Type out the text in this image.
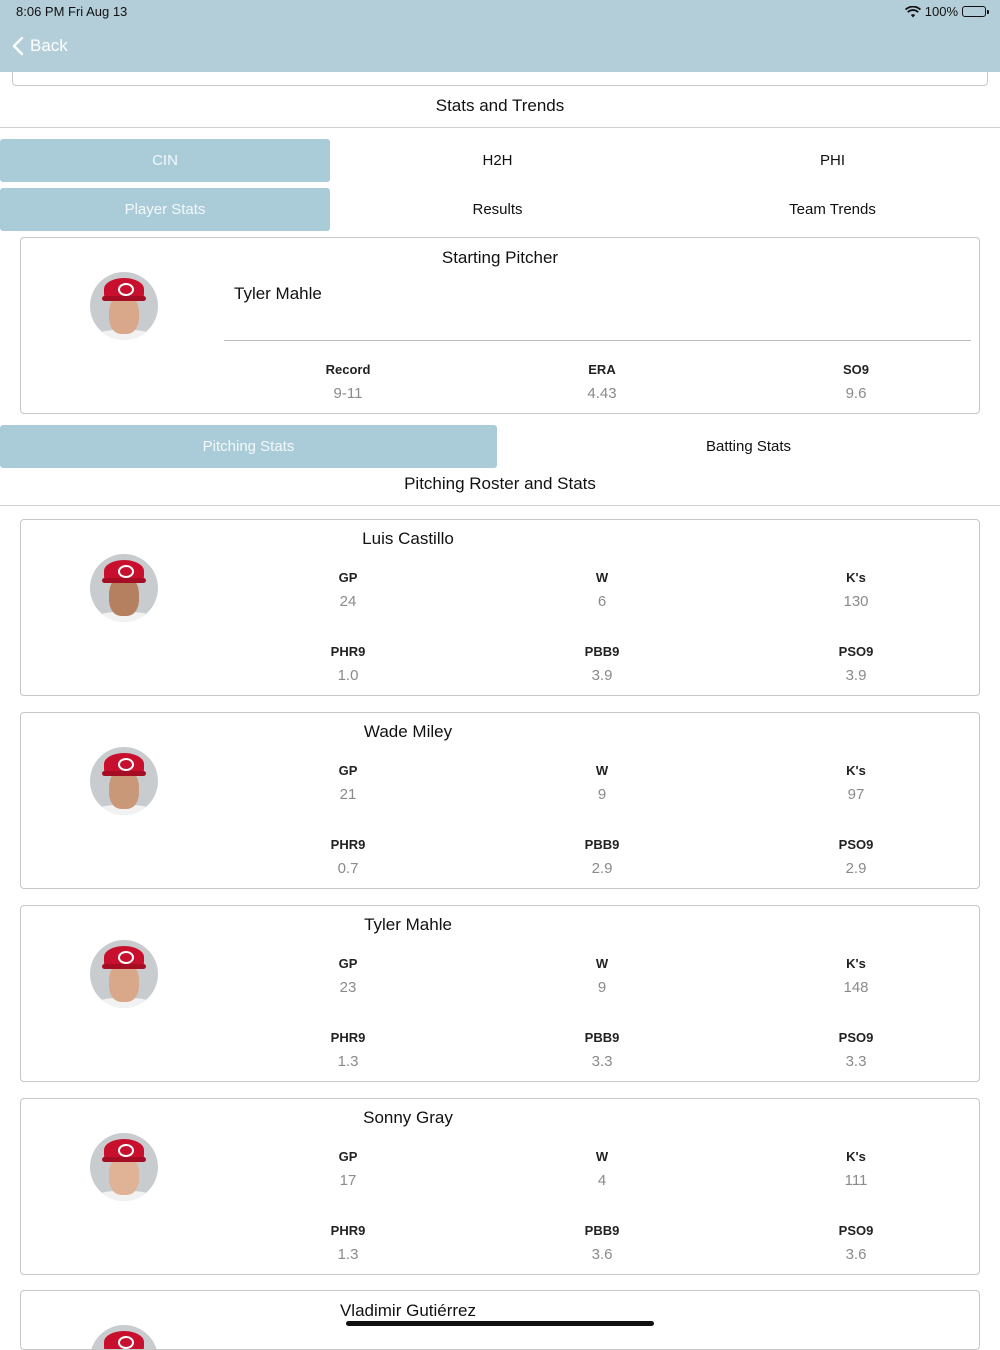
8:06 PM Fri Aug 13	100%
Back
Stats and Trends
CIN	H2H	PHI
Player Stats	Results	Team Trends
Starting Pitcher
Tyler Mahle
Record
9-11
ERA
4.43
SO9
9.6
Pitching Stats	Batting Stats
Pitching Roster and Stats
Luis Castillo
GP
24
W
6
K's
130
PHR9
1.0
PBB9
3.9
PSO9
3.9
Wade Miley
GP
21
W
9
K's
97
PHR9
0.7
PBB9
2.9
PSO9
2.9
Tyler Mahle
GP
23
W
9
K's
148
PHR9
1.3
PBB9
3.3
PSO9
3.3
Sonny Gray
GP
17
W
4
K's
111
PHR9
1.3
PBB9
3.6
PSO9
3.6
Vladimir Gutiérrez
